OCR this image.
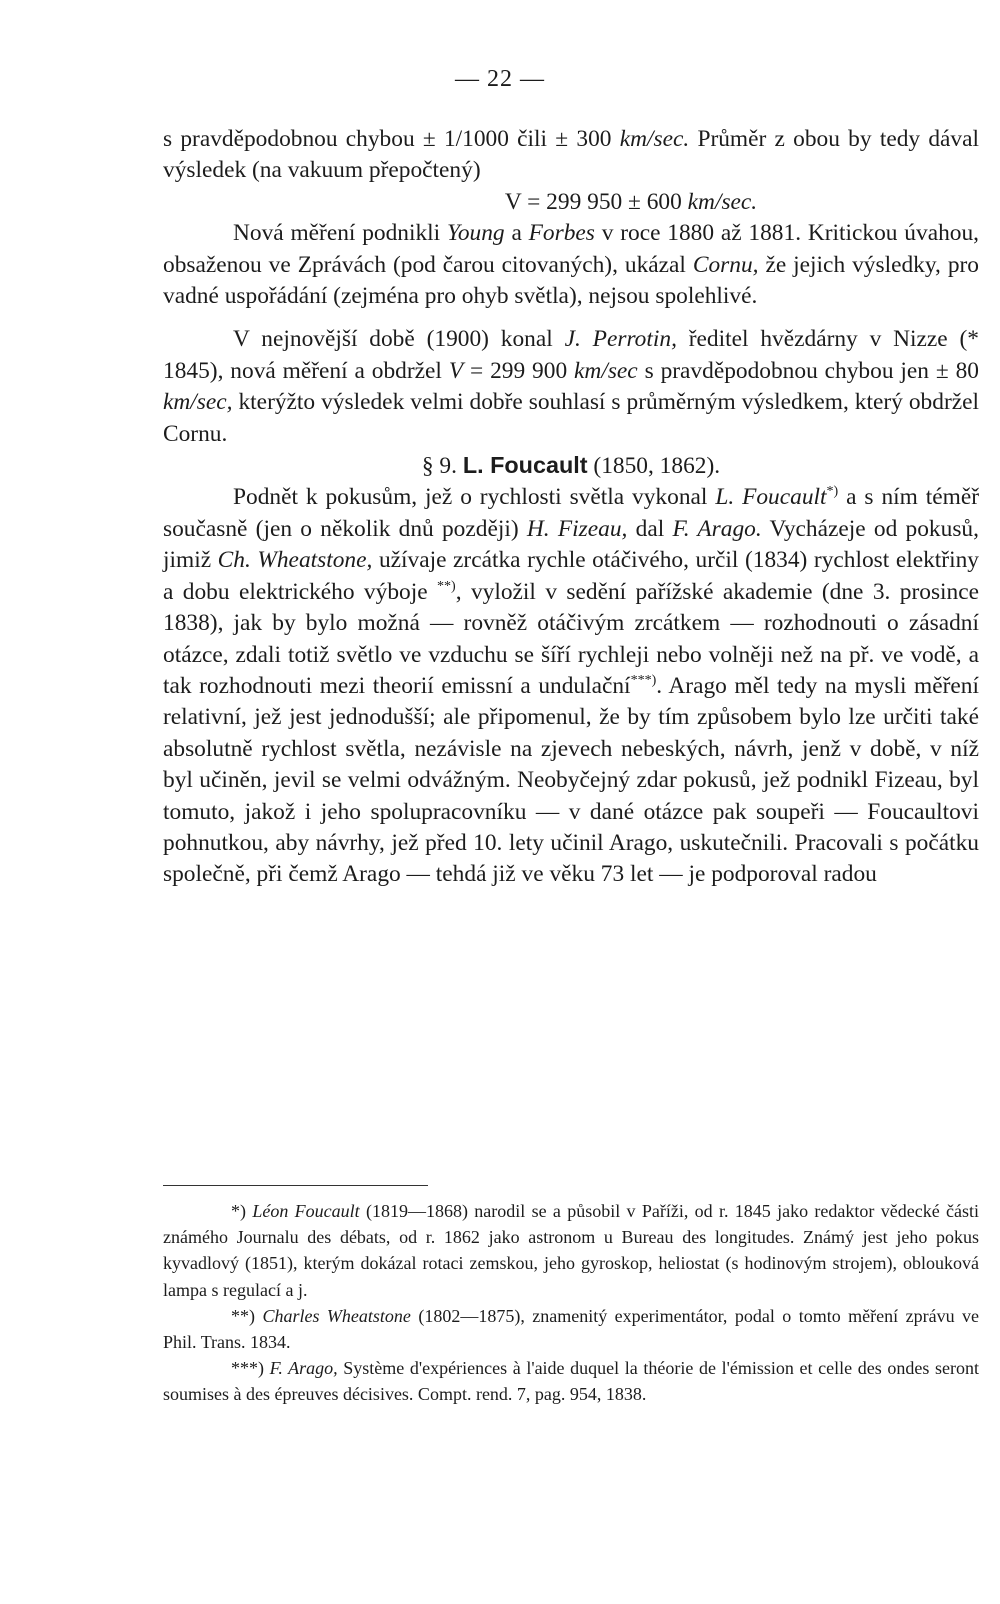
— 22 —

s pravděpodobnou chybou ± 1/1000 čili ± 300 km/sec. Průměr z obou by tedy dával výsledek (na vakuum přepočtený)

V = 299 950 ± 600 km/sec.

Nová měření podnikli Young a Forbes v roce 1880 až 1881. Kritickou úvahou, obsaženou ve Zprávách (pod čarou citovaných), ukázal Cornu, že jejich výsledky, pro vadné uspořádání (zejména pro ohyb světla), nejsou spolehlivé.

V nejnovější době (1900) konal J. Perrotin, ředitel hvězdárny v Nizze (* 1845), nová měření a obdržel V = 299 900 km/sec s pravděpodobnou chybou jen ± 80 km/sec, kterýžto výsledek velmi dobře souhlasí s průměrným výsledkem, který obdržel Cornu.

§ 9. L. Foucault (1850, 1862).

Podnět k pokusům, jež o rychlosti světla vykonal L. Foucault*) a s ním téměř současně (jen o několik dnů později) H. Fizeau, dal F. Arago. Vycházeje od pokusů, jimiž Ch. Wheatstone, užívaje zrcátka rychle otáčivého, určil (1834) rychlost elektřiny a dobu elektrického výboje **), vyložil v sedění pařížské akademie (dne 3. prosince 1838), jak by bylo možná — rovněž otáčivým zrcátkem — rozhodnouti o zásadní otázce, zdali totiž světlo ve vzduchu se šíří rychleji nebo volněji než na př. ve vodě, a tak rozhodnouti mezi theorií emissní a undulační***). Arago měl tedy na mysli měření relativní, jež jest jednodušší; ale připomenul, že by tím způsobem bylo lze určiti také absolutně rychlost světla, nezávisle na zjevech nebeských, návrh, jenž v době, v níž byl učiněn, jevil se velmi odvážným. Neobyčejný zdar pokusů, jež podnikl Fizeau, byl tomuto, jakož i jeho spolupracovníku — v dané otázce pak soupeři — Foucaultovi pohnutkou, aby návrhy, jež před 10. lety učinil Arago, uskutečnili. Pracovali s počátku společně, při čemž Arago — tehdá již ve věku 73 let — je podporoval radou

*) Léon Foucault (1819—1868) narodil se a působil v Paříži, od r. 1845 jako redaktor vědecké části známého Journalu des débats, od r. 1862 jako astronom u Bureau des longitudes. Známý jest jeho pokus kyvadlový (1851), kterým dokázal rotaci zemskou, jeho gyroskop, heliostat (s hodinovým strojem), oblouková lampa s regulací a j.

**) Charles Wheatstone (1802—1875), znamenitý experimentátor, podal o tomto měření zprávu ve Phil. Trans. 1834.

***) F. Arago, Système d'expériences à l'aide duquel la théorie de l'émission et celle des ondes seront soumises à des épreuves décisives. Compt. rend. 7, pag. 954, 1838.
